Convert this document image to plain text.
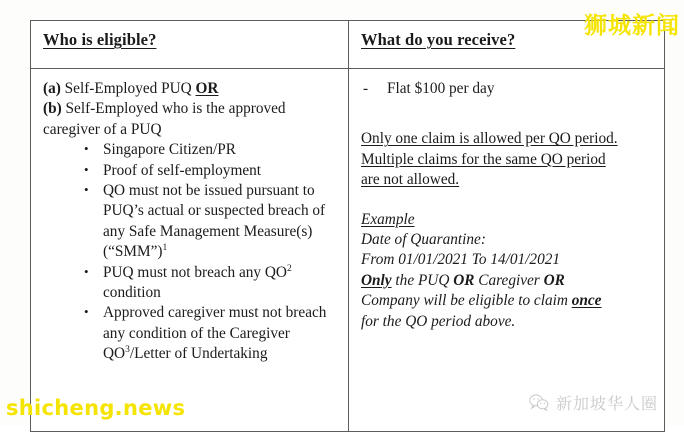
Who is eligible?	What do you receive?

(a) Self-Employed PUQ OR

(b) Self-Employed who is the approved caregiver of a PUQ

• Singapore Citizen/PR
• Proof of self-employment
• QO must not be issued pursuant to PUQ’s actual or suspected breach of any Safe Management Measure(s) (“SMM”)$^1$
• PUQ must not breach any $QO^2$ condition
• Approved caregiver must not breach any condition of the Caregiver $QO^3$/Letter of Undertaking

- Flat $100 per day

Only one claim is allowed per QO period.
Multiple claims for the same QO period
are not allowed.
Example
Date of Quarantine:
From 01/01/2021 To 14/01/2021
Only the PUQ OR Caregiver OR
Company will be eligible to claim once
for the QO period above.
狮城新闻
shicheng.news	新加坡华人圈
